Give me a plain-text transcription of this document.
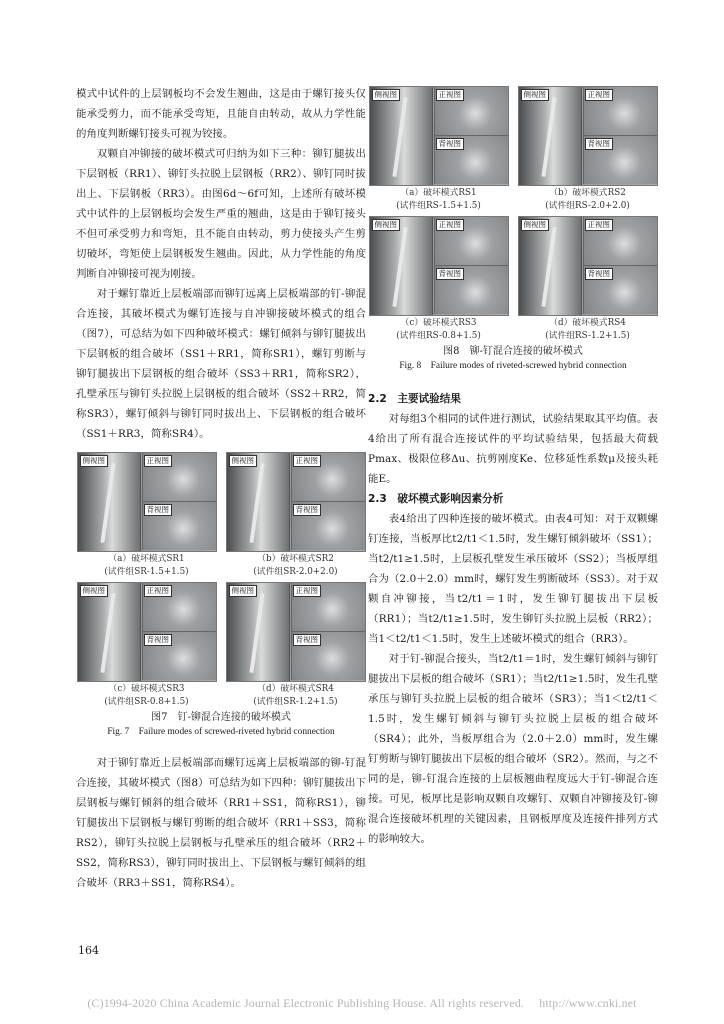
模式中试件的上层钢板均不会发生翘曲，这是由于螺钉接头仅能承受剪力，而不能承受弯矩，且能自由转动，故从力学性能的角度判断螺钉接头可视为铰接。

双颗自冲铆接的破坏模式可归纳为如下三种：铆钉腿拔出下层钢板（RR1）、铆钉头拉脱上层钢板（RR2）、铆钉同时拔出上、下层钢板（RR3）。由图6d～6f可知，上述所有破坏模式中试件的上层钢板均会发生严重的翘曲，这是由于铆钉接头不但可承受剪力和弯矩，且不能自由转动，剪力使接头产生剪切破坏，弯矩使上层钢板发生翘曲。因此，从力学性能的角度判断自冲铆接可视为刚接。

对于螺钉靠近上层板端部而铆钉远离上层板端部的钉-铆混合连接，其破坏模式为螺钉连接与自冲铆接破坏模式的组合（图7），可总结为如下四种破坏模式：螺钉倾斜与铆钉腿拔出下层钢板的组合破坏（SS1＋RR1，简称SR1），螺钉剪断与铆钉腿拔出下层钢板的组合破坏（SS3＋RR1，简称SR2），孔壁承压与铆钉头拉脱上层钢板的组合破坏（SS2＋RR2，简称SR3），螺钉倾斜与铆钉同时拔出上、下层钢板的组合破坏（SS1＋RR3，简称SR4）。

侧视图	正视图
背视图
（a）破坏模式SR1
(试件组SR-1.5+1.5)
侧视图	正视图
背视图
（b）破坏模式SR2
(试件组SR-2.0+2.0)
侧视图	正视图
背视图
（c）破坏模式SR3
(试件组SR-0.8+1.5)
侧视图	正视图
背视图
（d）破坏模式SR4
(试件组SR-1.2+1.5)

图7　钉-铆混合连接的破坏模式

Fig. 7　Failure modes of screwed-riveted hybrid connection

对于铆钉靠近上层板端部而螺钉远离上层板端部的铆-钉混合连接，其破坏模式（图8）可总结为如下四种：铆钉腿拔出下层钢板与螺钉倾斜的组合破坏（RR1＋SS1，简称RS1），铆钉腿拔出下层钢板与螺钉剪断的组合破坏（RR1＋SS3，简称RS2），铆钉头拉脱上层钢板与孔壁承压的组合破坏（RR2＋SS2，简称RS3），铆钉同时拔出上、下层钢板与螺钉倾斜的组合破坏（RR3＋SS1，简称RS4）。

164
侧视图	正视图
背视图
（a）破坏模式RS1
(试件组RS-1.5+1.5)
侧视图	正视图
背视图
（b）破坏模式RS2
(试件组RS-2.0+2.0)
侧视图	正视图
背视图
（c）破坏模式RS3
(试件组RS-0.8+1.5)
侧视图	正视图
背视图
（d）破坏模式RS4
(试件组RS-1.2+1.5)

图8　铆-钉混合连接的破坏模式

Fig. 8　Failure modes of riveted-screwed hybrid connection

2.2　主要试验结果

对每组3个相同的试件进行测试，试验结果取其平均值。表4给出了所有混合连接试件的平均试验结果，包括最大荷载Pmax、极限位移Δu、抗剪刚度Ke、位移延性系数μ及接头耗能E。

2.3　破坏模式影响因素分析

表4给出了四种连接的破坏模式。由表4可知：对于双颗螺钉连接，当板厚比t2/t1＜1.5时，发生螺钉倾斜破坏（SS1）；当t2/t1≥1.5时，上层板孔壁发生承压破坏（SS2）；当板厚组合为（2.0＋2.0）mm时，螺钉发生剪断破坏（SS3）。对于双颗自冲铆接，当t2/t1＝1时，发生铆钉腿拔出下层板（RR1）；当t2/t1≥1.5时，发生铆钉头拉脱上层板（RR2）；当1＜t2/t1＜1.5时，发生上述破坏模式的组合（RR3）。

对于钉-铆混合接头，当t2/t1＝1时，发生螺钉倾斜与铆钉腿拔出下层板的组合破坏（SR1）；当t2/t1≥1.5时，发生孔壁承压与铆钉头拉脱上层板的组合破坏（SR3）；当1＜t2/t1＜1.5时，发生螺钉倾斜与铆钉头拉脱上层板的组合破坏（SR4）；此外，当板厚组合为（2.0＋2.0）mm时，发生螺钉剪断与铆钉腿拔出下层板的组合破坏（SR2）。然而，与之不同的是，铆-钉混合连接的上层板翘曲程度远大于钉-铆混合连接。可见，板厚比是影响双颗自攻螺钉、双颗自冲铆接及钉-铆混合连接破坏机理的关键因素，且钢板厚度及连接件排列方式的影响较大。

(C)1994-2020 China Academic Journal Electronic Publishing House. All rights reserved.　 http://www.cnki.net
